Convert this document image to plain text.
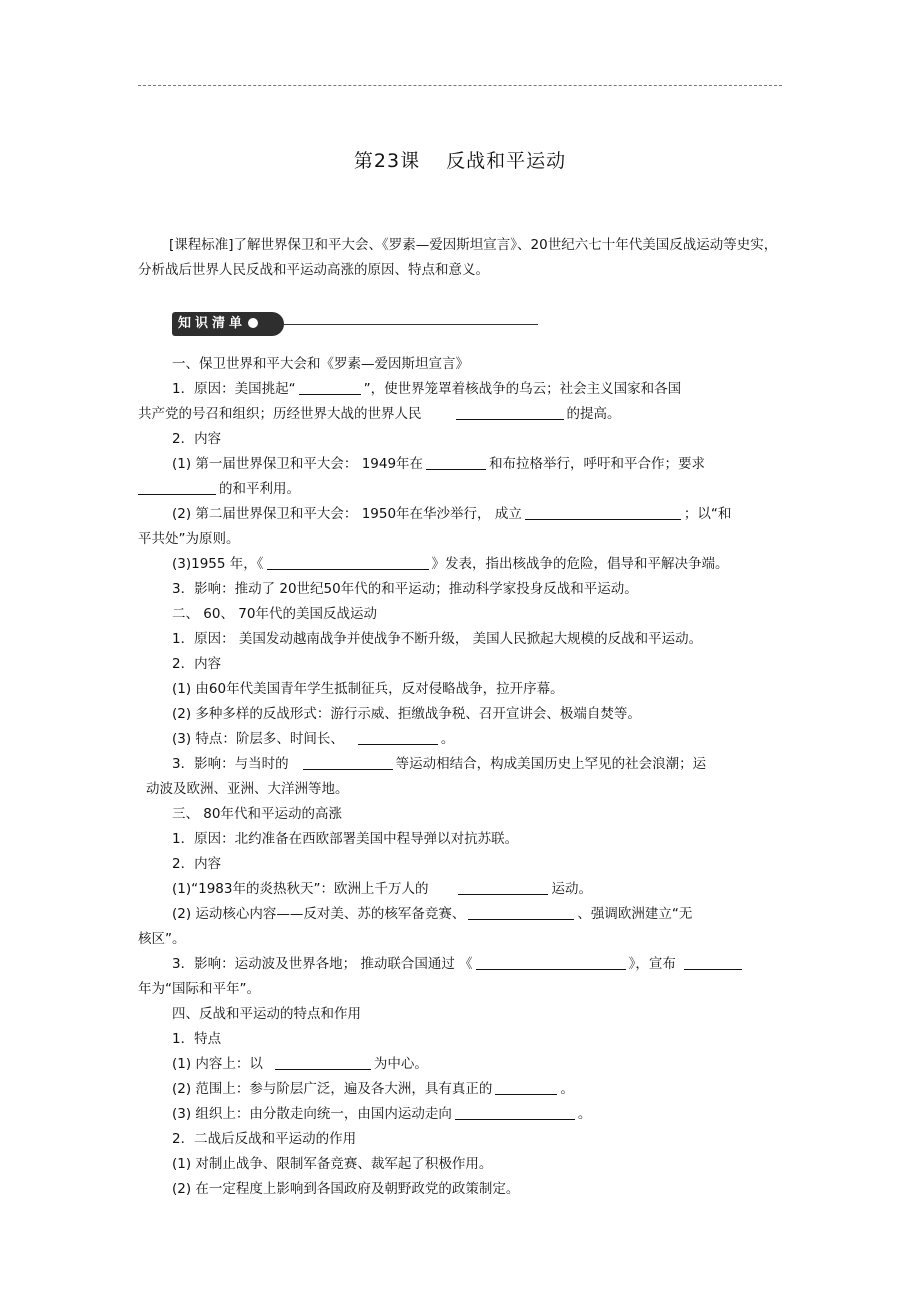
第23课 反战和平运动
[课程标准]了解世界保卫和平大会、《罗素—爱因斯坦宣言》、20世纪六七十年代美国反战运动等史实，分析战后世界人民反战和平运动高涨的原因、特点和意义。
知识清单

一、保卫世界和平大会和《罗素—爱因斯坦宣言》

1．原因：美国挑起“	”，使世界笼罩着核战争的乌云；社会主义国家和各国

共产党的号召和组织；历经世界大战的世界人民	的提高。

2．内容

(1) 第一届世界保卫和平大会： 1949年在	和布拉格举行，呼吁和平合作；要求

的和平利用。

(2) 第二届世界保卫和平大会： 1950年在华沙举行， 成立	；以“和

平共处”为原则。

(3)1955 年，《	》发表，指出核战争的危险，倡导和平解决争端。

3．影响：推动了 20世纪50年代的和平运动；推动科学家投身反战和平运动。

二、 60、 70年代的美国反战运动

1．原因： 美国发动越南战争并使战争不断升级， 美国人民掀起大规模的反战和平运动。

2．内容

(1) 由60年代美国青年学生抵制征兵，反对侵略战争，拉开序幕。

(2) 多种多样的反战形式：游行示威、拒缴战争税、召开宣讲会、极端自焚等。

(3) 特点：阶层多、时间长、	。

3．影响：与当时的	等运动相结合，构成美国历史上罕见的社会浪潮；运

动波及欧洲、亚洲、大洋洲等地。

三、 80年代和平运动的高涨

1．原因：北约准备在西欧部署美国中程导弹以对抗苏联。

2．内容

(1)“1983年的炎热秋天”：欧洲上千万人的	运动。

(2) 运动核心内容——反对美、苏的核军备竞赛、	、强调欧洲建立“无

核区”。

3．影响：运动波及世界各地； 推动联合国通过 《	》，宣布

年为“国际和平年”。

四、反战和平运动的特点和作用

1．特点

(1) 内容上：以	为中心。

(2) 范围上：参与阶层广泛，遍及各大洲，具有真正的	。

(3) 组织上：由分散走向统一，由国内运动走向	。

2．二战后反战和平运动的作用

(1) 对制止战争、限制军备竞赛、裁军起了积极作用。

(2) 在一定程度上影响到各国政府及朝野政党的政策制定。
